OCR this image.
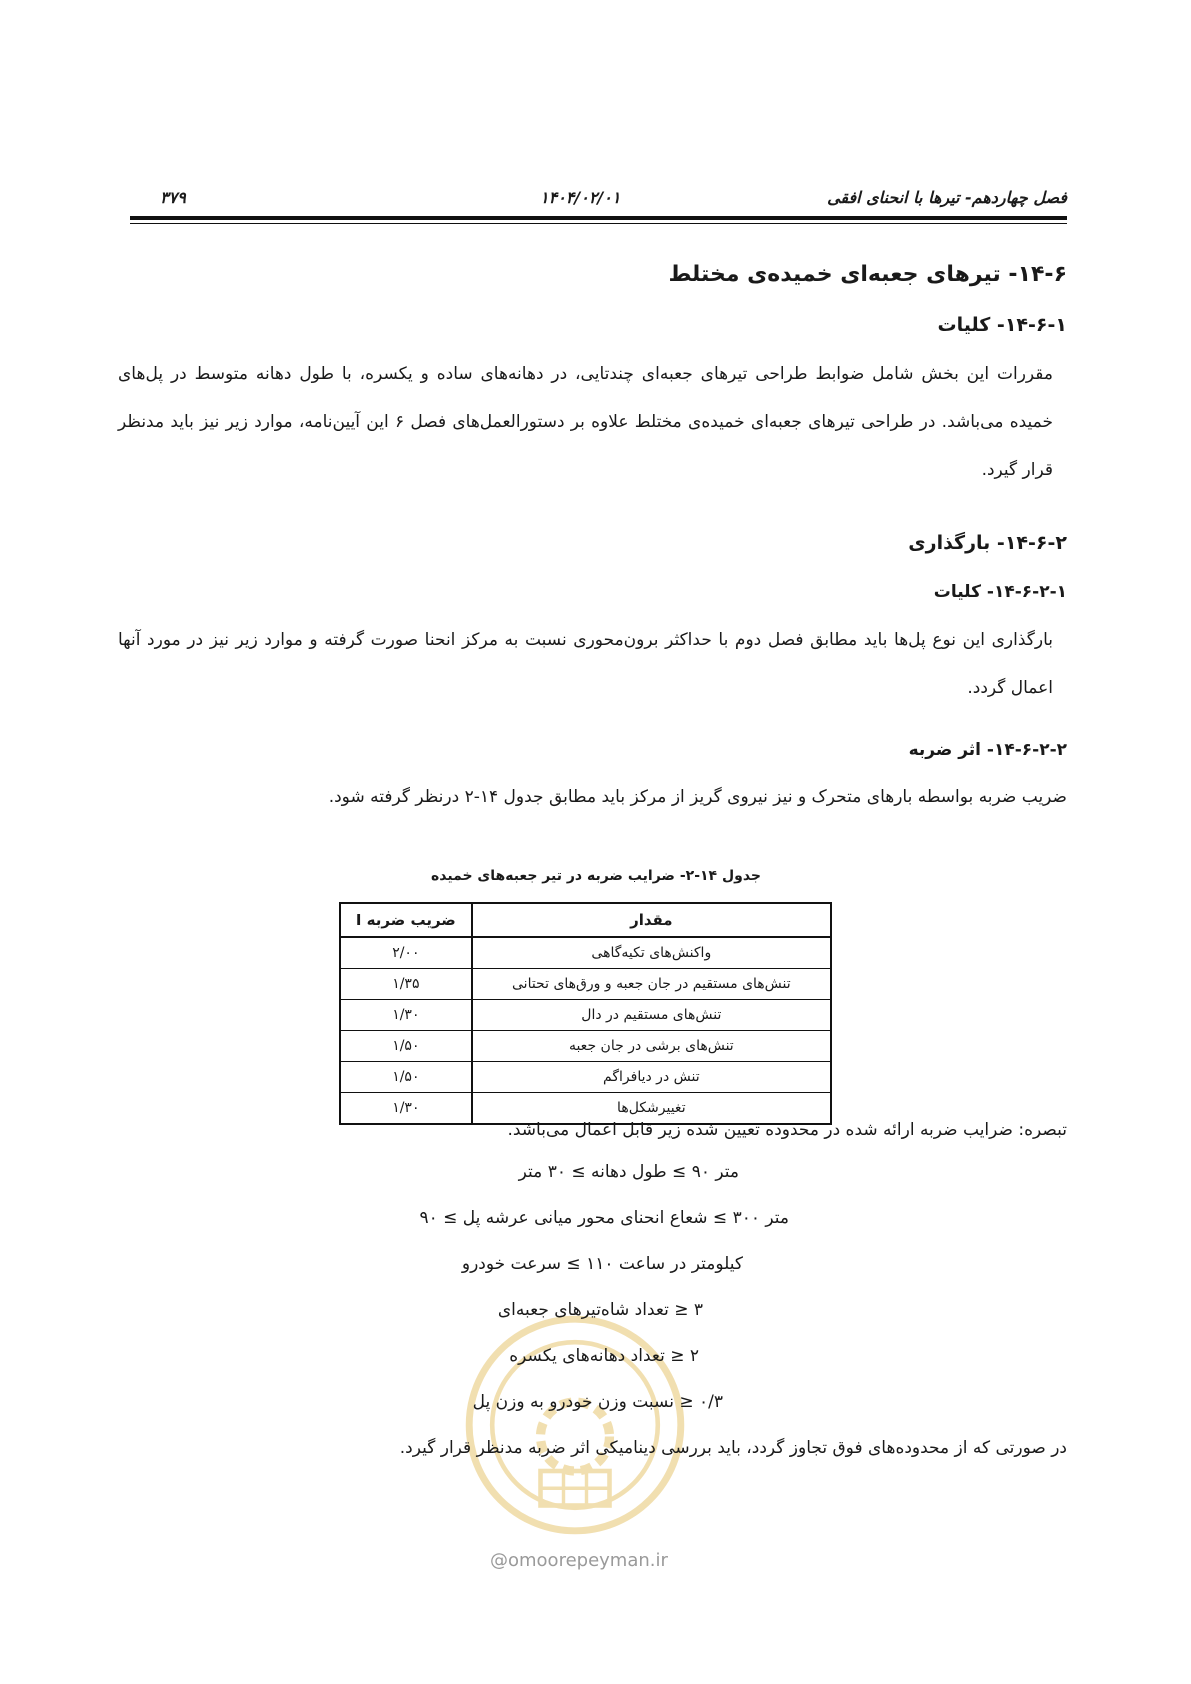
۳۷۹	۱۴۰۴/۰۲/۰۱	فصل چهاردهم- تیرها با انحنای افقی
۱۴-۶- تیرهای جعبه‌ای خمیده‌ی مختلط
۱۴-۶-۱- کلیات
مقررات این بخش شامل ضوابط طراحی تیرهای جعبه‌ای چندتایی، در دهانه‌های ساده و یکسره، با طول دهانه متوسط در پل‌های خمیده می‌باشد. در طراحی تیرهای جعبه‌ای خمیده‌ی مختلط علاوه بر دستورالعمل‌های فصل ۶ این آیین‌نامه، موارد زیر نیز باید مدنظر قرار گیرد.
۱۴-۶-۲- بارگذاری
۱۴-۶-۲-۱- کلیات
بارگذاری این نوع پل‌ها باید مطابق فصل دوم با حداکثر برون‌محوری نسبت به مرکز انحنا صورت گرفته و موارد زیر نیز در مورد آنها اعمال گردد.
۱۴-۶-۲-۲- اثر ضربه
ضریب ضربه بواسطه بارهای متحرک و نیز نیروی گریز از مرکز باید مطابق جدول ۱۴-۲ درنظر گرفته شود.
جدول ۱۴-۲- ضرایب ضربه در تیر جعبه‌های خمیده
مقدار	ضریب ضربه I
واکنش‌های تکیه‌گاهی	۲/۰۰
تنش‌های مستقیم در جان جعبه و ورق‌های تحتانی	۱/۳۵
تنش‌های مستقیم در دال	۱/۳۰
تنش‌های برشی در جان جعبه	۱/۵۰
تنش در دیافراگم	۱/۵۰
تغییرشکل‌ها	۱/۳۰
@omoorepeyman.ir
تبصره: ضرایب ضربه ارائه شده در محدوده تعیین شده زیر قابل اعمال می‌باشد.
متر ۹۰ ≥ طول دهانه ≥ ۳۰ متر
متر ۳۰۰ ≥ شعاع انحنای محور میانی عرشه پل ≥ ۹۰
کیلومتر در ساعت ۱۱۰ ≥ سرعت خودرو
۳ ≤ تعداد شاه‌تیرهای جعبه‌ای
۲ ≤ تعداد دهانه‌های یکسره
۰/۳ ≤ نسبت وزن خودرو به وزن پل
در صورتی که از محدوده‌های فوق تجاوز گردد، باید بررسی دینامیکی اثر ضربه مدنظر قرار گیرد.
